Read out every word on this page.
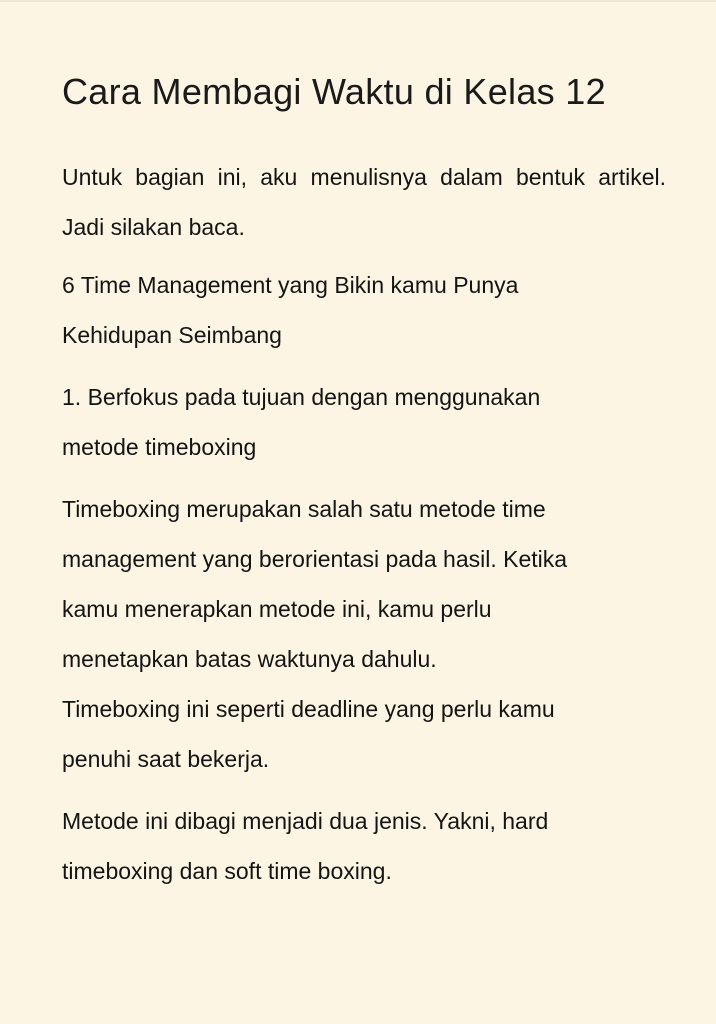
Cara Membagi Waktu di Kelas 12

Untuk bagian ini, aku menulisnya dalam bentuk artikel. Jadi silakan baca.

6 Time Management yang Bikin kamu Punya

Kehidupan Seimbang

1. Berfokus pada tujuan dengan menggunakan

metode timeboxing

Timeboxing merupakan salah satu metode time

management yang berorientasi pada hasil. Ketika

kamu menerapkan metode ini, kamu perlu

menetapkan batas waktunya dahulu.

Timeboxing ini seperti deadline yang perlu kamu

penuhi saat bekerja.

Metode ini dibagi menjadi dua jenis. Yakni, hard

timeboxing dan soft time boxing.
